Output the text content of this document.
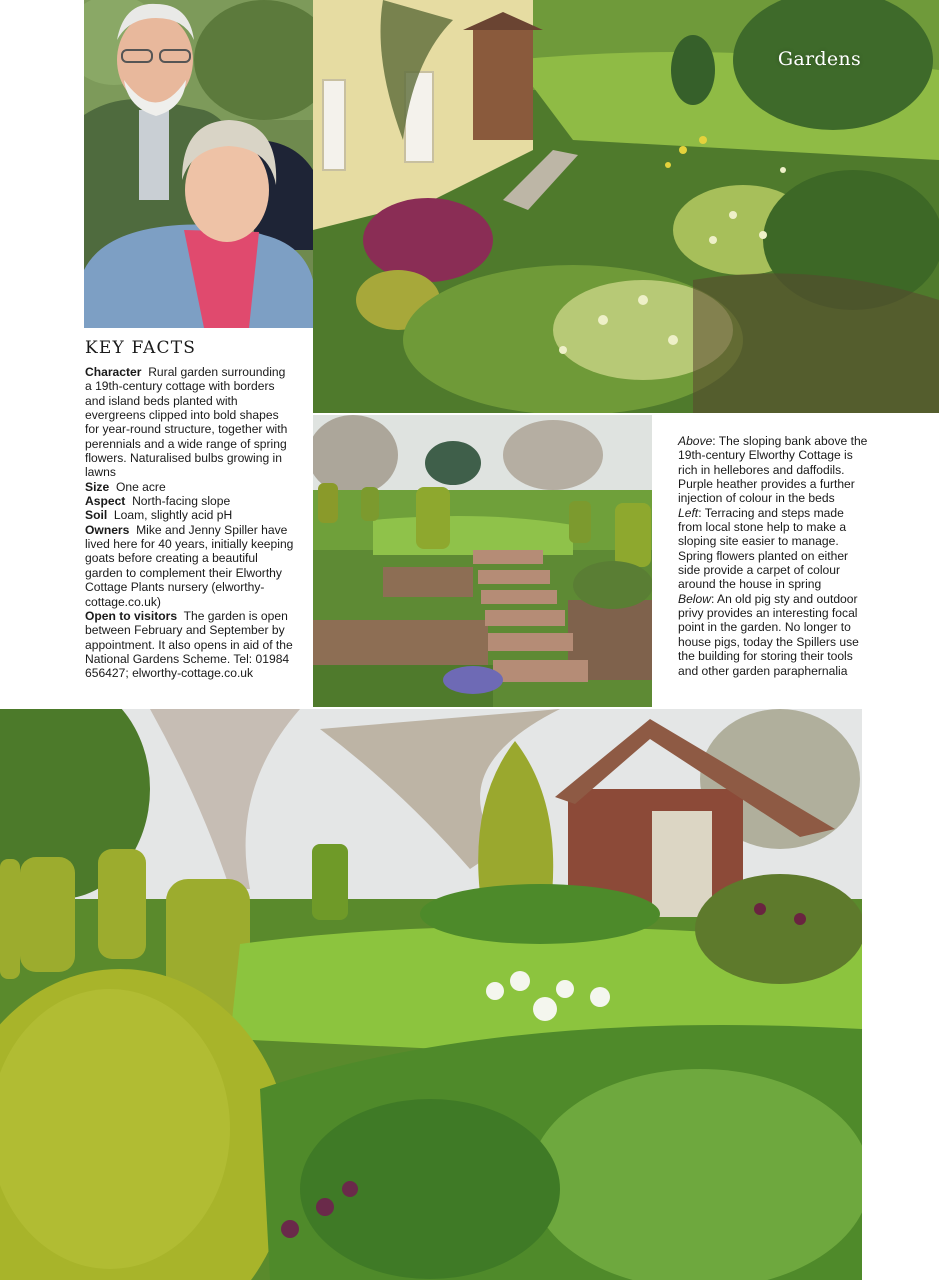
Gardens
KEY FACTS

Character Rural garden surrounding a 19th-century cottage with borders and island beds planted with evergreens clipped into bold shapes for year-round structure, together with perennials and a wide range of spring flowers. Naturalised bulbs growing in lawns

Size One acre

Aspect North-facing slope

Soil Loam, slightly acid pH

Owners Mike and Jenny Spiller have lived here for 40 years, initially keeping goats before creating a beautiful garden to complement their Elworthy Cottage Plants nursery (elworthy-cottage.co.uk)

Open to visitors The garden is open between February and September by appointment. It also opens in aid of the National Gardens Scheme. Tel: 01984 656427; elworthy-cottage.co.uk

Above: The sloping bank above the 19th-century Elworthy Cottage is rich in hellebores and daffodils. Purple heather provides a further injection of colour in the beds

Left: Terracing and steps made from local stone help to make a sloping site easier to manage. Spring flowers planted on either side provide a carpet of colour around the house in spring

Below: An old pig sty and outdoor privy provides an interesting focal point in the garden. No longer to house pigs, today the Spillers use the building for storing their tools and other garden paraphernalia
